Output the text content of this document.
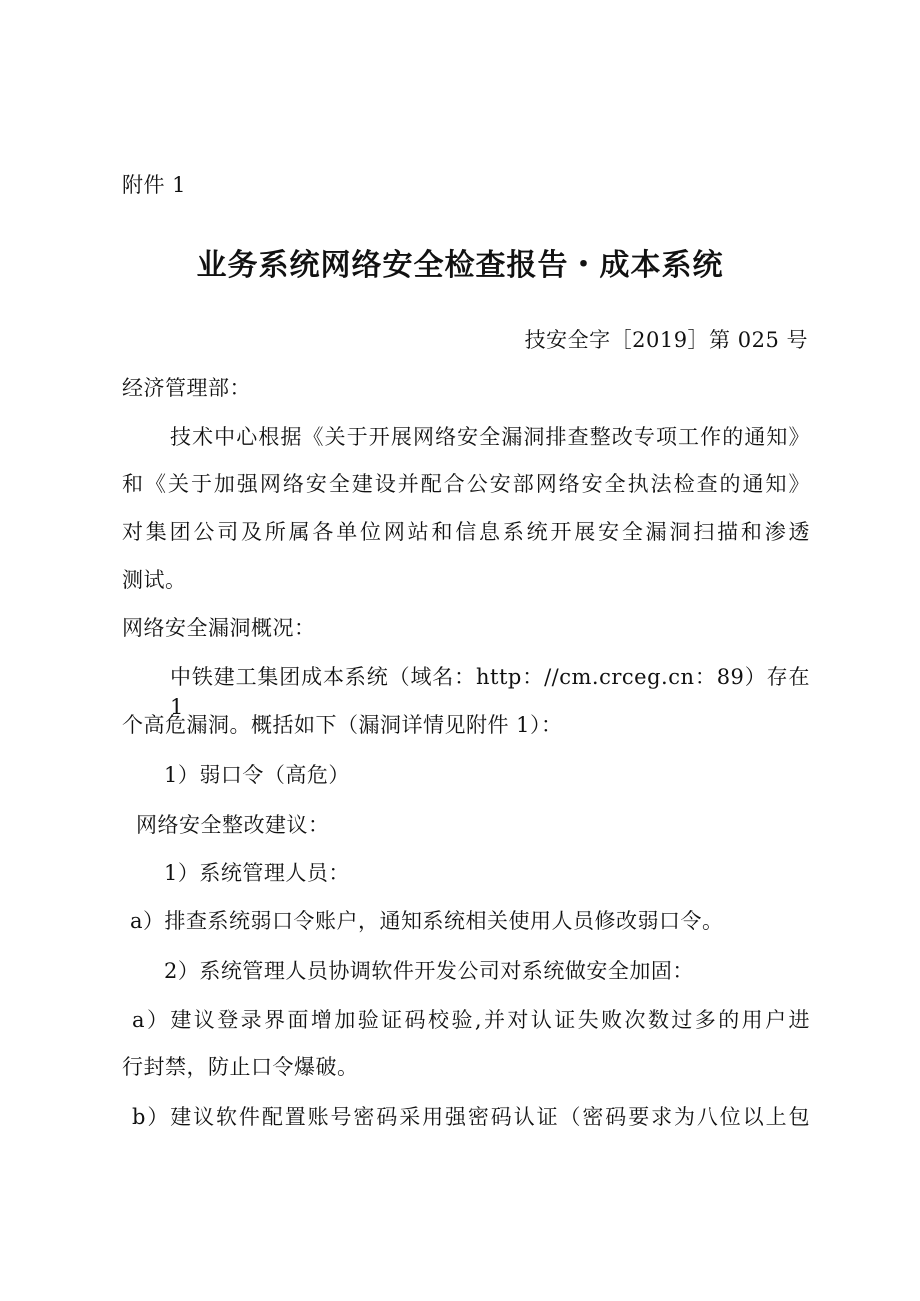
附件 1
业务系统网络安全检查报告・成本系统
技安全字［2019］第 025 号
经济管理部：
技术中心根据《关于开展网络安全漏洞排查整改专项工作的通知》
和《关于加强网络安全建设并配合公安部网络安全执法检查的通知》
对集团公司及所属各单位网站和信息系统开展安全漏洞扫描和渗透
测试。
网络安全漏洞概况：
中铁建工集团成本系统（域名：http：//cm.crceg.cn：89）存在 1
个高危漏洞。概括如下（漏洞详情见附件 1）：
1）弱口令（高危）
网络安全整改建议：
1）系统管理人员：
a）排查系统弱口令账户，通知系统相关使用人员修改弱口令。
2）系统管理人员协调软件开发公司对系统做安全加固：
a）建议登录界面增加验证码校验,并对认证失败次数过多的用户进
行封禁，防止口令爆破。
b）建议软件配置账号密码采用强密码认证（密码要求为八位以上包
